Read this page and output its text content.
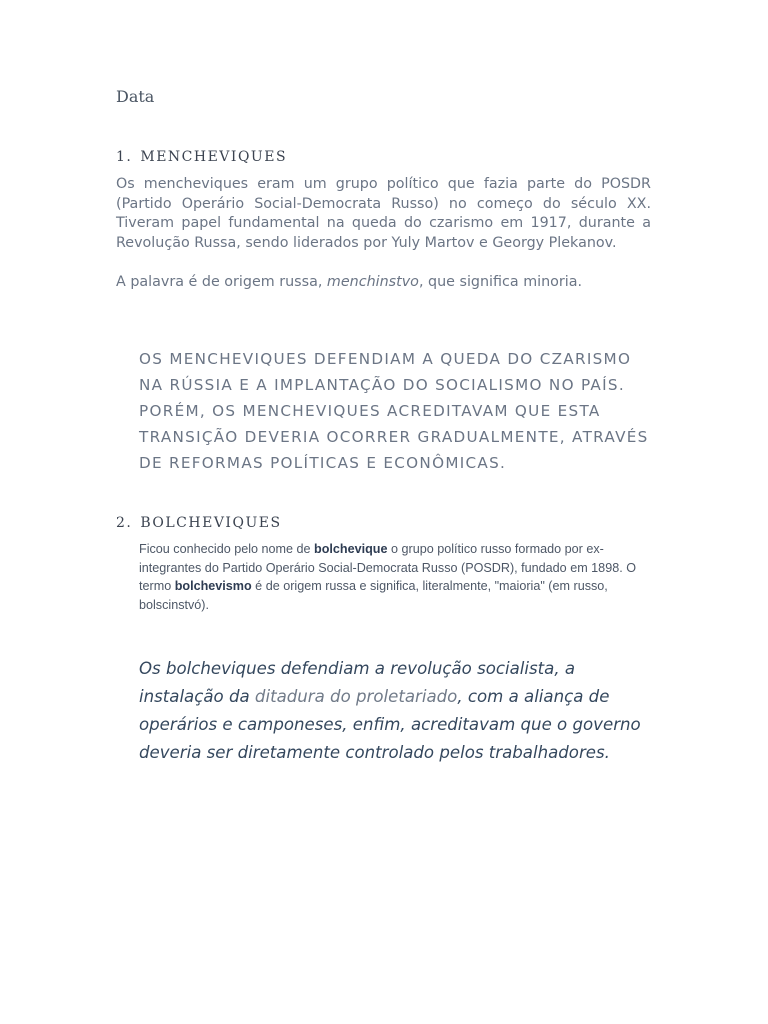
Data
1. MENCHEVIQUES

Os mencheviques eram um grupo político que fazia parte do POSDR (Partido Operário Social-Democrata Russo) no começo do século XX. Tiveram papel fundamental na queda do czarismo em 1917, durante a Revolução Russa, sendo liderados por Yuly Martov e Georgy Plekanov.

A palavra é de origem russa, menchinstvo, que significa minoria.

OS MENCHEVIQUES DEFENDIAM A QUEDA DO CZARISMO NA RÚSSIA E A IMPLANTAÇÃO DO SOCIALISMO NO PAÍS. PORÉM, OS MENCHEVIQUES ACREDITAVAM QUE ESTA TRANSIÇÃO DEVERIA OCORRER GRADUALMENTE, ATRAVÉS DE REFORMAS POLÍTICAS E ECONÔMICAS.

2. BOLCHEVIQUES

Ficou conhecido pelo nome de bolchevique o grupo político russo formado por ex-integrantes do Partido Operário Social-Democrata Russo (POSDR), fundado em 1898. O termo bolchevismo é de origem russa e significa, literalmente, "maioria" (em russo, bolscinstvó).

Os bolcheviques defendiam a revolução socialista, a instalação da ditadura do proletariado, com a aliança de operários e camponeses, enfim, acreditavam que o governo deveria ser diretamente controlado pelos trabalhadores.
